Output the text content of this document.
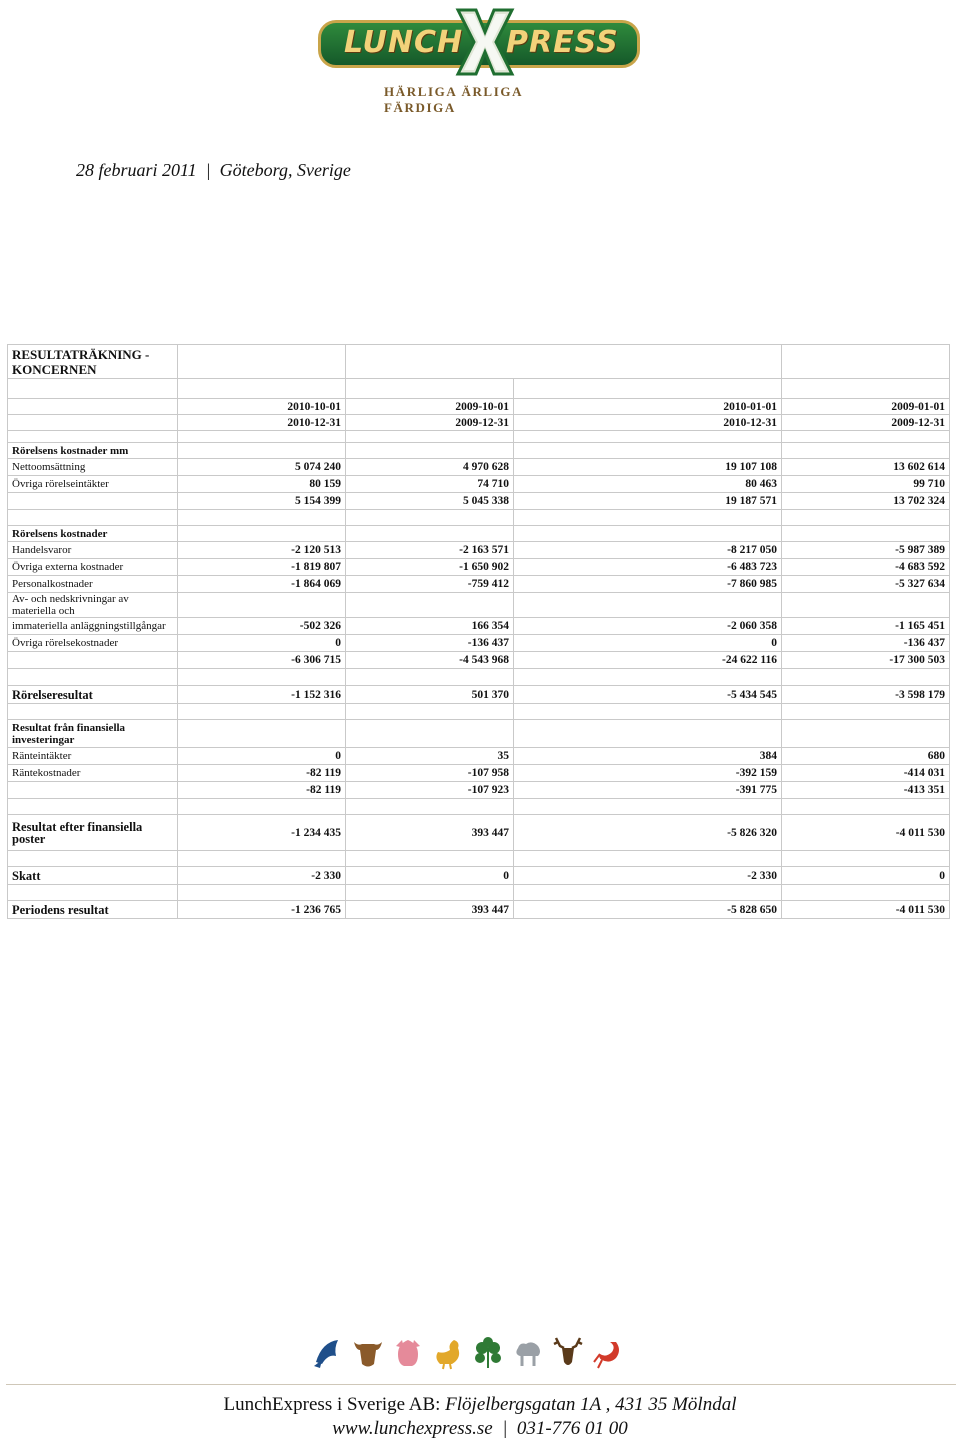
LUNCH PRESS
HÄRLIGA ÄRLIGA FÄRDIGA
28 februari 2011 | Göteborg, Sverige
RESULTATRÄKNING - KONCERNEN				

	2010-10-01	2009-10-01	2010-01-01	2009-01-01
	2010-12-31	2009-12-31	2010-12-31	2009-12-31

Rörelsens kostnader mm				
Nettoomsättning	5 074 240	4 970 628	19 107 108	13 602 614
Övriga rörelseintäkter	80 159	74 710	80 463	99 710
	5 154 399	5 045 338	19 187 571	13 702 324

Rörelsens kostnader				
Handelsvaror	-2 120 513	-2 163 571	-8 217 050	-5 987 389
Övriga externa kostnader	-1 819 807	-1 650 902	-6 483 723	-4 683 592
Personalkostnader	-1 864 069	-759 412	-7 860 985	-5 327 634
Av- och nedskrivningar av materiella och				
immateriella anläggningstillgångar	-502 326	166 354	-2 060 358	-1 165 451
Övriga rörelsekostnader	0	-136 437	0	-136 437
	-6 306 715	-4 543 968	-24 622 116	-17 300 503

Rörelseresultat	-1 152 316	501 370	-5 434 545	-3 598 179

Resultat från finansiella investeringar				
Ränteintäkter	0	35	384	680
Räntekostnader	-82 119	-107 958	-392 159	-414 031
	-82 119	-107 923	-391 775	-413 351

Resultat efter finansiella poster	-1 234 435	393 447	-5 826 320	-4 011 530

Skatt	-2 330	0	-2 330	0

Periodens resultat	-1 236 765	393 447	-5 828 650	-4 011 530
LunchExpress i Sverige AB: Flöjelbergsgatan 1A , 431 35 Mölndal
www.lunchexpress.se | 031-776 01 00
